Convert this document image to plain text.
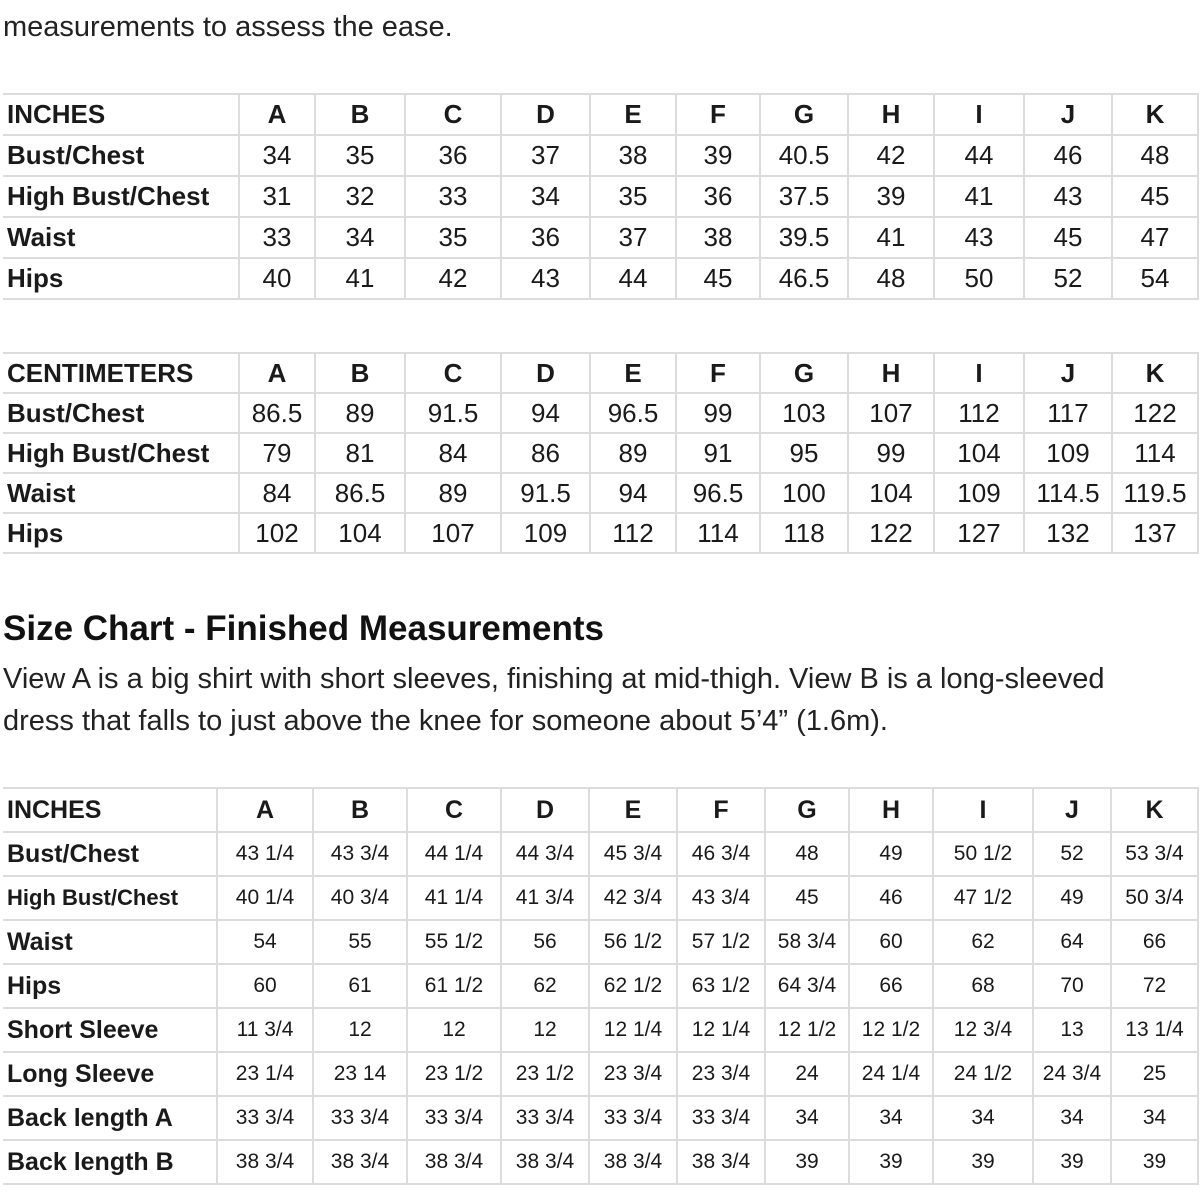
measurements to assess the ease.

INCHES	A	B	C	D	E	F	G	H	I	J	K
Bust/Chest	34	35	36	37	38	39	40.5	42	44	46	48
High Bust/Chest	31	32	33	34	35	36	37.5	39	41	43	45
Waist	33	34	35	36	37	38	39.5	41	43	45	47
Hips	40	41	42	43	44	45	46.5	48	50	52	54
CENTIMETERS	A	B	C	D	E	F	G	H	I	J	K
Bust/Chest	86.5	89	91.5	94	96.5	99	103	107	112	117	122
High Bust/Chest	79	81	84	86	89	91	95	99	104	109	114
Waist	84	86.5	89	91.5	94	96.5	100	104	109	114.5	119.5
Hips	102	104	107	109	112	114	118	122	127	132	137
Size Chart - Finished Measurements

View A is a big shirt with short sleeves, finishing at mid-thigh. View B is a long-sleeved
dress that falls to just above the knee for someone about 5’4” (1.6m).

INCHES	A	B	C	D	E	F	G	H	I	J	K
Bust/Chest	43 1/4	43 3/4	44 1/4	44 3/4	45 3/4	46 3/4	48	49	50 1/2	52	53 3/4
High Bust/Chest	40 1/4	40 3/4	41 1/4	41 3/4	42 3/4	43 3/4	45	46	47 1/2	49	50 3/4
Waist	54	55	55 1/2	56	56 1/2	57 1/2	58 3/4	60	62	64	66
Hips	60	61	61 1/2	62	62 1/2	63 1/2	64 3/4	66	68	70	72
Short Sleeve	11 3/4	12	12	12	12 1/4	12 1/4	12 1/2	12 1/2	12 3/4	13	13 1/4
Long Sleeve	23 1/4	23 14	23 1/2	23 1/2	23 3/4	23 3/4	24	24 1/4	24 1/2	24 3/4	25
Back length A	33 3/4	33 3/4	33 3/4	33 3/4	33 3/4	33 3/4	34	34	34	34	34
Back length B	38 3/4	38 3/4	38 3/4	38 3/4	38 3/4	38 3/4	39	39	39	39	39
